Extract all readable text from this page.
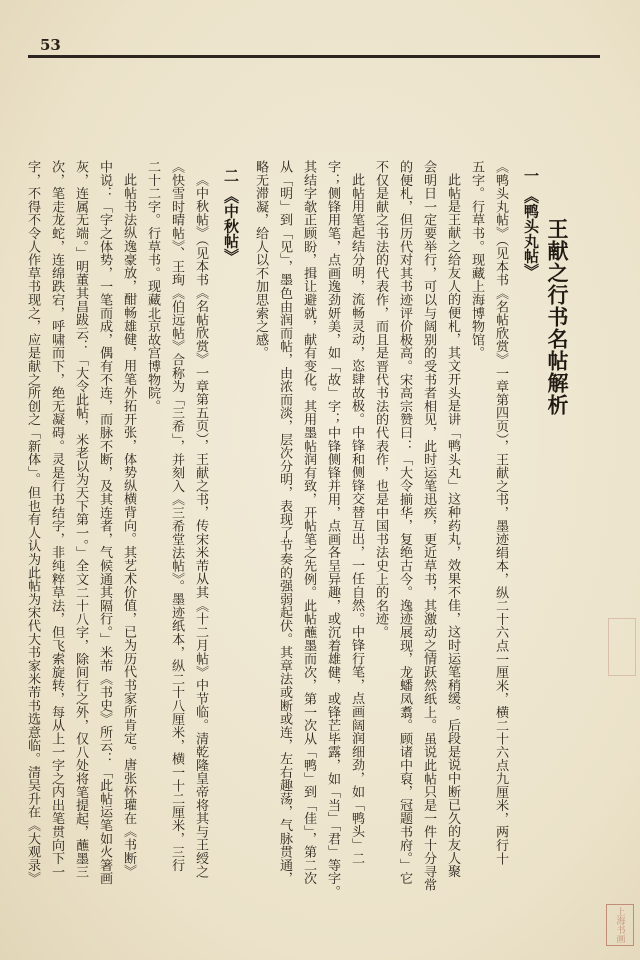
53
王献之行书名帖解析
一 《鸭头丸帖》
《鸭头丸帖》（见本书《名帖欣赏》一章第四页），王献之书，墨迹绢本，纵二十六点一厘米，横二十六点九厘米，两行十
五字。行草书。现藏上海博物馆。
此帖是王献之给友人的便札，其文开头是讲「鸭头丸」这种药丸，效果不佳，这时运笔稍缓。后段是说中断已久的友人聚
会明日一定要举行，可以与阔别的受书者相见，此时运笔迅疾，更近草书，其激动之情跃然纸上。虽说此帖只是一件十分寻常
的便札，但历代对其书迹评价极高。宋高宗赞曰：「大令揃华，复绝古今。逸迹展现，龙蟠凤翥。顾诸中裒，冠题书府。」它
不仅是献之书法的代表作，而且是晋代书法的代表作，也是中国书法史上的名迹。
此帖用笔起结分明，流畅灵动，恣肆故极。中锋和侧锋交替互出，一任自然。中锋行笔，点画阔润细劲，如「鸭头」二
字；侧锋用笔，点画逸劲妍美，如「故」字；中锋侧锋并用，点画各呈异趣，或沉着雄健，或锋芒毕露，如「当」「君」等字。
其结字欹正顾盼，揖让避就，献有变化。其用墨帖润有致，开帖笔之先例。此帖蘸墨而次，第一次从「鸭」到「佳」，第二次
从「明」到「见」，墨色由润而帖，由浓而淡，层次分明，表现了节奏的强弱起伏。其章法或断或连，左右趣荡，气脉贯通，
略无滞凝，给人以不加思索之感。
二 《中秋帖》
《中秋帖》（见本书《名帖欣赏》一章第五页），王献之书，传宋米芾从其《十二月帖》中节临。清乾隆皇帝将其与王绶之
《快雪时晴帖》、王珣《伯远帖》合称为「三希」，并刻入《三希堂法帖》。墨迹纸本，纵二十八厘米，横一十二厘米，三行
二十二字。行草书。现藏北京故宫博物院。
此帖书法纵逸豪放，酣畅雄健，用笔外拓开张，体势纵横背向。其艺术价值，已为历代书家所肯定。唐张怀瓘在《书断》
中说：「字之体势，一笔而成，偶有不连，而脉不断，及其连者，气候通其隔行。」米芾《书史》所云：「此帖运笔如火箸画
灰，连属无端。」明董其昌跋云：「大令此帖，米老以为天下第一。」全文二十八字，除间行之外，仅八处将笔提起，蘸墨三
次，笔走龙蛇，连绵跌宕，呼啸而下，绝无凝碍。灵是行书结字，非纯粹草法，但飞索旋转，每从上一字之内出笔贯向下一
字，不得不令人作草书现之，应是献之所创之「新体」。但也有人认为此帖为宋代大书家米芾书选意临。清吴升在《大观录》
上海书画
